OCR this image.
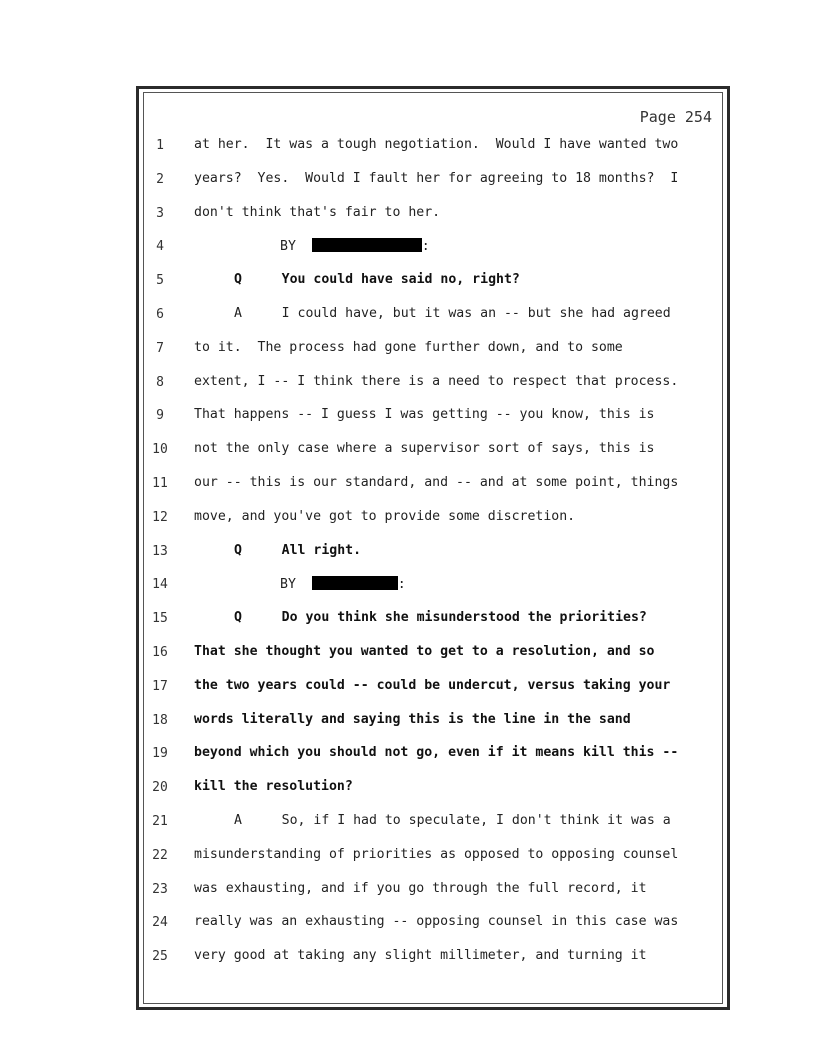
Page 254
1	at her.  It was a tough negotiation.  Would I have wanted two
2	years?  Yes.  Would I fault her for agreeing to 18 months?  I
3	don't think that's fair to her.
4	BY	:
5	Q     You could have said no, right?
6	A     I could have, but it was an -- but she had agreed
7	to it.  The process had gone further down, and to some
8	extent, I -- I think there is a need to respect that process.
9	That happens -- I guess I was getting -- you know, this is
10	not the only case where a supervisor sort of says, this is
11	our -- this is our standard, and -- and at some point, things
12	move, and you've got to provide some discretion.
13	Q     All right.
14	BY	:
15	Q     Do you think she misunderstood the priorities?
16	That she thought you wanted to get to a resolution, and so
17	the two years could -- could be undercut, versus taking your
18	words literally and saying this is the line in the sand
19	beyond which you should not go, even if it means kill this --
20	kill the resolution?
21	A     So, if I had to speculate, I don't think it was a
22	misunderstanding of priorities as opposed to opposing counsel
23	was exhausting, and if you go through the full record, it
24	really was an exhausting -- opposing counsel in this case was
25	very good at taking any slight millimeter, and turning it
